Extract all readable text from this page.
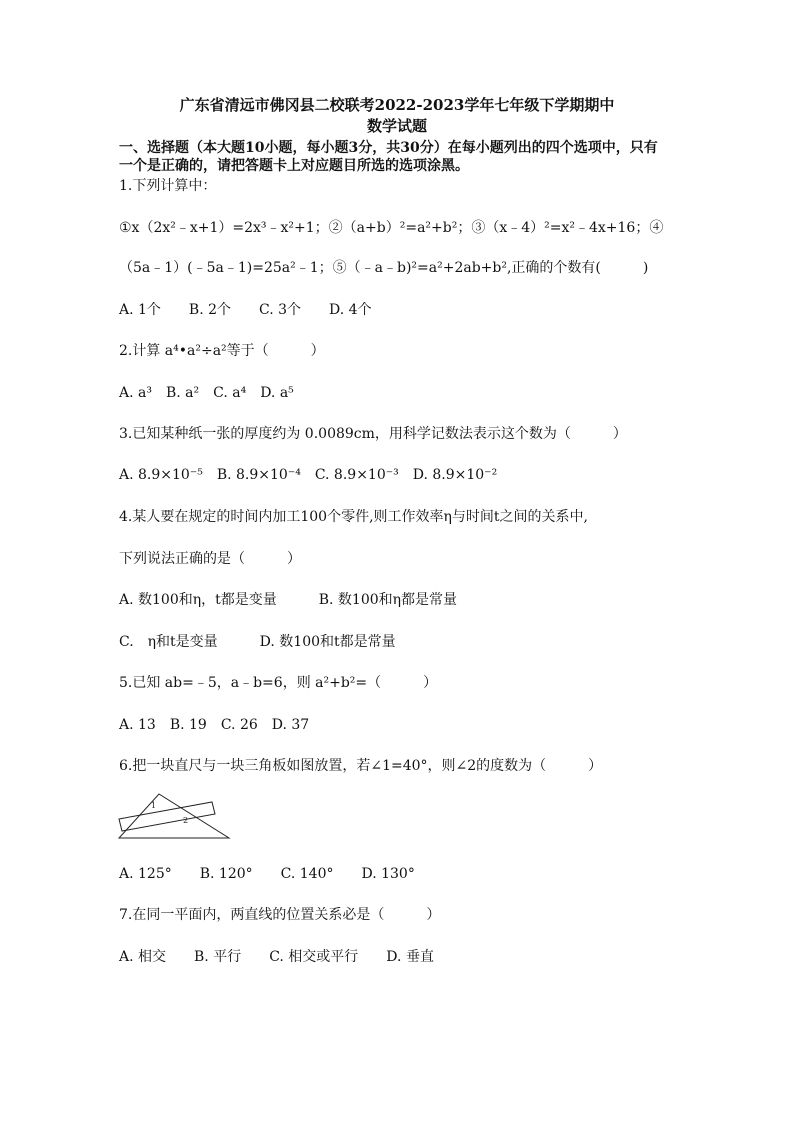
广东省清远市佛冈县二校联考2022-2023学年七年级下学期期中
数学试题
一、选择题（本大题10小题，每小题3分，共30分）在每小题列出的四个选项中，只有
一个是正确的，请把答题卡上对应题目所选的选项涂黑。
1.下列计算中：
①x（2x²﹣x+1）=2x³﹣x²+1；②（a+b）²=a²+b²；③（x﹣4）²=x²﹣4x+16；④
（5a﹣1）(﹣5a﹣1)=25a²﹣1；⑤（﹣a﹣b)²=a²+2ab+b²,正确的个数有(　　　)
A. 1个　　B. 2个　　C. 3个　　D. 4个
2.计算 a⁴•a²÷a²等于（　　　）
A. a³　B. a²　C. a⁴　D. a⁵
3.已知某种纸一张的厚度约为 0.0089cm，用科学记数法表示这个数为（　　　）
A. 8.9×10⁻⁵　B. 8.9×10⁻⁴　C. 8.9×10⁻³　D. 8.9×10⁻²
4.某人要在规定的时间内加工100个零件,则工作效率η与时间t之间的关系中,
下列说法正确的是（　　　）
A. 数100和η，t都是变量　　　B. 数100和η都是常量
C.　η和t是变量　　　D. 数100和t都是常量
5.已知 ab=﹣5，a﹣b=6，则 a²+b²=（　　　）
A. 13　B. 19　C. 26　D. 37
6.把一块直尺与一块三角板如图放置，若∠1=40°，则∠2的度数为（　　　）
1
2
A. 125°　　B. 120°　　C. 140°　　D. 130°
7.在同一平面内，两直线的位置关系必是（　　　）
A. 相交　　B. 平行　　C. 相交或平行　　D. 垂直
